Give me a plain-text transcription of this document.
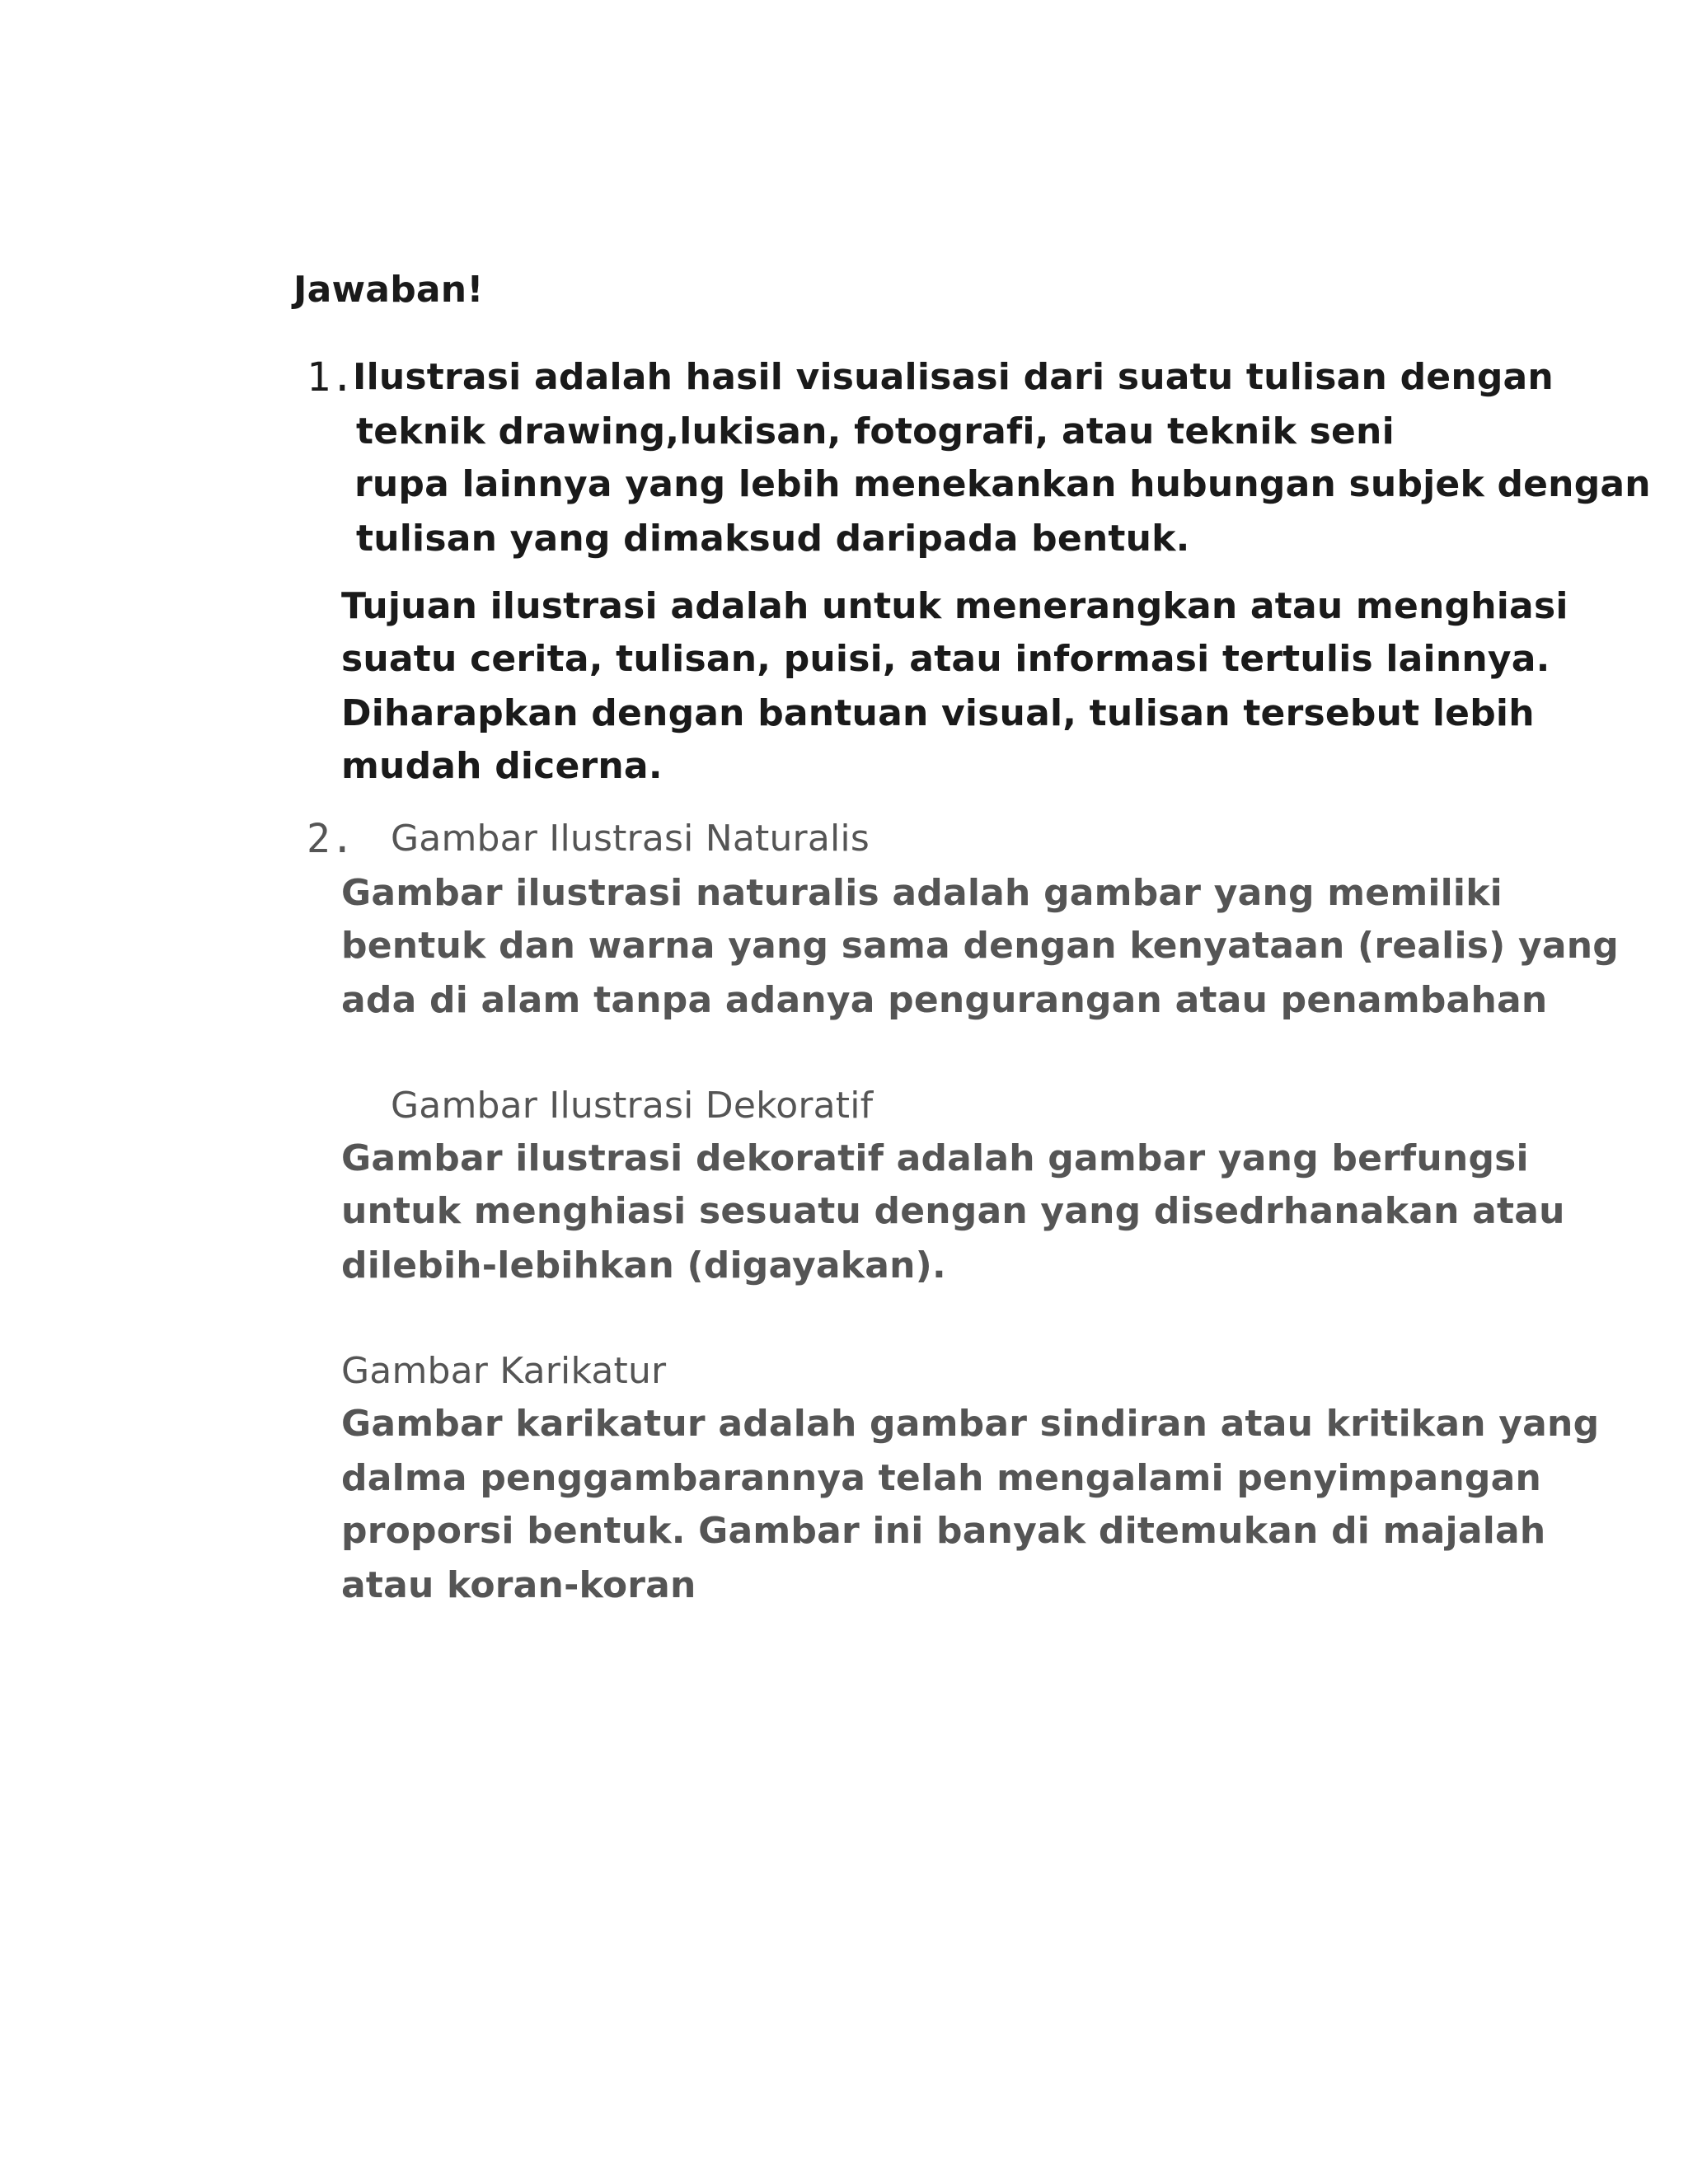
Jawaban!
1.
Ilustrasi adalah hasil visualisasi dari suatu tulisan dengan
teknik drawing,lukisan, fotografi, atau teknik seni
rupa lainnya yang lebih menekankan hubungan subjek dengan
tulisan yang dimaksud daripada bentuk.
Tujuan ilustrasi adalah untuk menerangkan atau menghiasi
suatu cerita, tulisan, puisi, atau informasi tertulis lainnya.
Diharapkan dengan bantuan visual, tulisan tersebut lebih
mudah dicerna.
2. Gambar Ilustrasi Naturalis
Gambar ilustrasi naturalis adalah gambar yang memiliki
bentuk dan warna yang sama dengan kenyataan (realis) yang
ada di alam tanpa adanya pengurangan atau penambahan
Gambar Ilustrasi Dekoratif
Gambar ilustrasi dekoratif adalah gambar yang berfungsi
untuk menghiasi sesuatu dengan yang disedrhanakan atau
dilebih-lebihkan (digayakan).
Gambar Karikatur
Gambar karikatur adalah gambar sindiran atau kritikan yang
dalma penggambarannya telah mengalami penyimpangan
proporsi bentuk. Gambar ini banyak ditemukan di majalah
atau koran-koran
